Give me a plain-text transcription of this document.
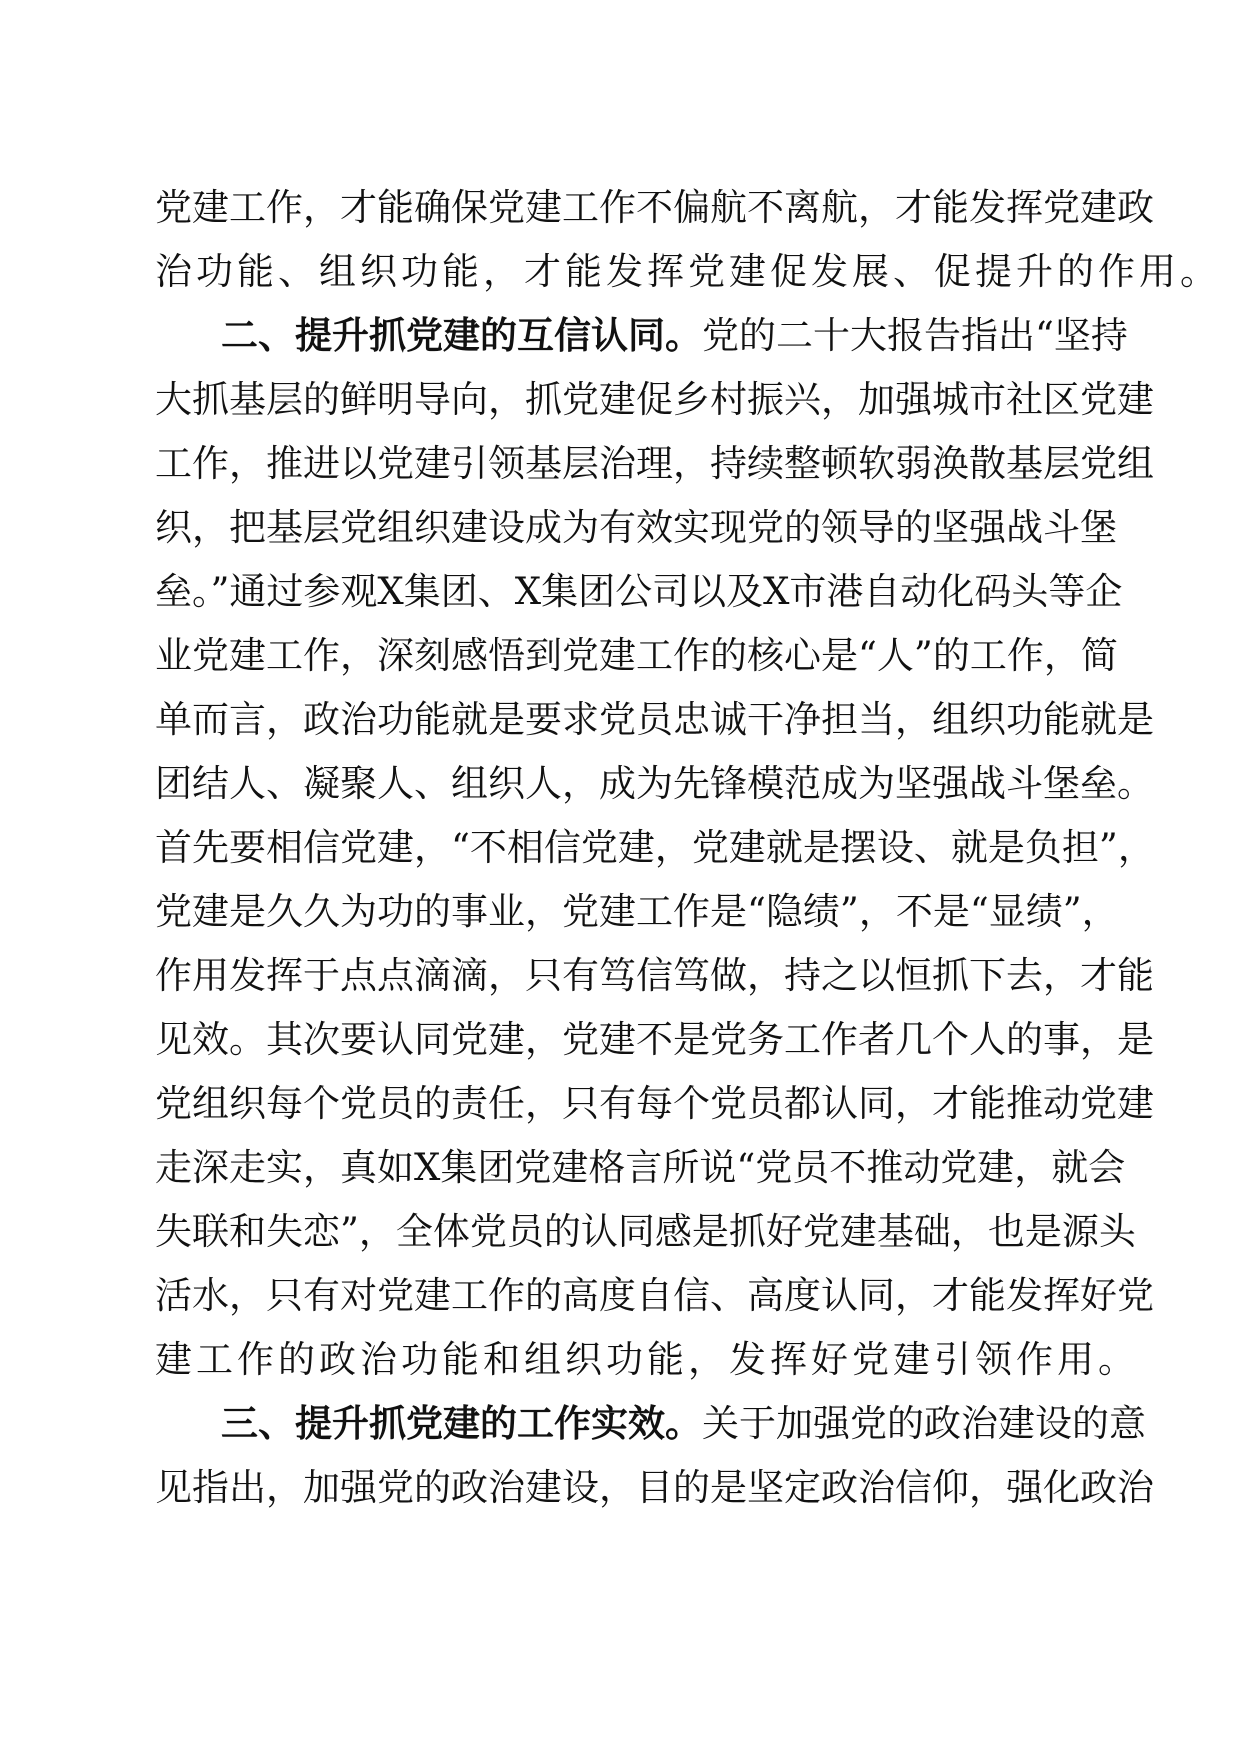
党建工作，才能确保党建工作不偏航不离航，才能发挥党建政
治功能、组织功能，才能发挥党建促发展、促提升的作用。
二、提升抓党建的互信认同。党的二十大报告指出“坚持
大抓基层的鲜明导向，抓党建促乡村振兴，加强城市社区党建
工作，推进以党建引领基层治理，持续整顿软弱涣散基层党组
织，把基层党组织建设成为有效实现党的领导的坚强战斗堡
垒。”通过参观X集团、X集团公司以及X市港自动化码头等企
业党建工作，深刻感悟到党建工作的核心是“人”的工作，简
单而言，政治功能就是要求党员忠诚干净担当，组织功能就是
团结人、凝聚人、组织人，成为先锋模范成为坚强战斗堡垒。
首先要相信党建，“不相信党建，党建就是摆设、就是负担”，
党建是久久为功的事业，党建工作是“隐绩”，不是“显绩”，
作用发挥于点点滴滴，只有笃信笃做，持之以恒抓下去，才能
见效。其次要认同党建，党建不是党务工作者几个人的事，是
党组织每个党员的责任，只有每个党员都认同，才能推动党建
走深走实，真如X集团党建格言所说“党员不推动党建，就会
失联和失恋”，全体党员的认同感是抓好党建基础，也是源头
活水，只有对党建工作的高度自信、高度认同，才能发挥好党
建工作的政治功能和组织功能，发挥好党建引领作用。
三、提升抓党建的工作实效。关于加强党的政治建设的意
见指出，加强党的政治建设，目的是坚定政治信仰，强化政治
